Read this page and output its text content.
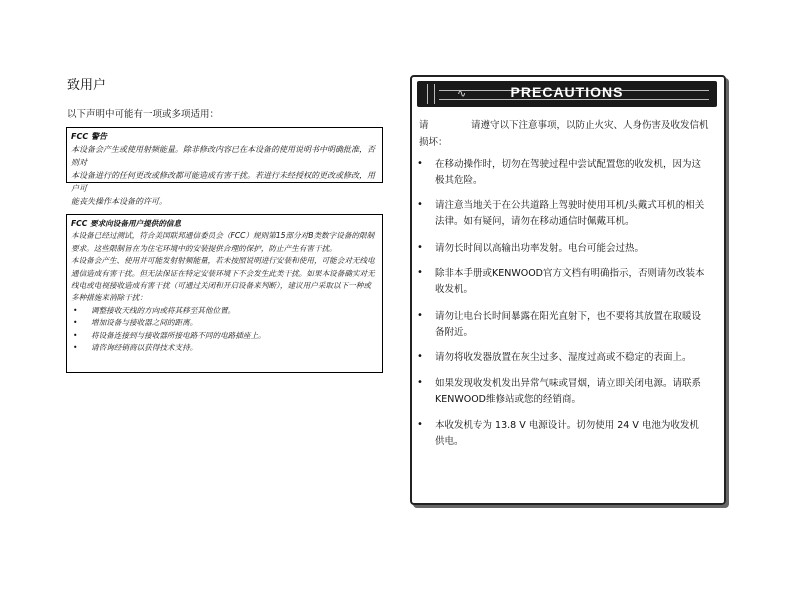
致用户
以下声明中可能有一项或多项适用：
FCC 警告
本设备会产生或使用射频能量。除非修改内容已在本设备的使用说明书中明确批准，否则对
本设备进行的任何更改或修改都可能造成有害干扰。若进行未经授权的更改或修改，用户可
能丧失操作本设备的许可。
FCC 要求向设备用户提供的信息
本设备已经过测试，符合美国联邦通信委员会（FCC）规则第15部分对B类数字设备的限制
要求。这些限制旨在为住宅环境中的安装提供合理的保护，防止产生有害干扰。
本设备会产生、使用并可能发射射频能量，若未按照说明进行安装和使用，可能会对无线电
通信造成有害干扰。但无法保证在特定安装环境下不会发生此类干扰。如果本设备确实对无
线电或电视接收造成有害干扰（可通过关闭和开启设备来判断），建议用户采取以下一种或
多种措施来消除干扰：
• 调整接收天线的方向或将其移至其他位置。
• 增加设备与接收器之间的距离。
• 将设备连接到与接收器所接电路不同的电路插座上。
• 请咨询经销商以获得技术支持。
∿	PRECAUTIONS
请	请遵守以下注意事项，以防止火灾、人身伤害及收发信机
损坏：
•	在移动操作时，切勿在驾驶过程中尝试配置您的收发机，因为这极其危险。
•	请注意当地关于在公共道路上驾驶时使用耳机/头戴式耳机的相关法律。如有疑问，请勿在移动通信时佩戴耳机。
•	请勿长时间以高输出功率发射。电台可能会过热。
•	除非本手册或KENWOOD官方文档有明确指示，否则请勿改装本收发机。
•	请勿让电台长时间暴露在阳光直射下，也不要将其放置在取暖设备附近。
•	请勿将收发器放置在灰尘过多、湿度过高或不稳定的表面上。
•	如果发现收发机发出异常气味或冒烟，请立即关闭电源。请联系KENWOOD维修站或您的经销商。
•	本收发机专为 13.8 V 电源设计。切勿使用 24 V 电池为收发机供电。
